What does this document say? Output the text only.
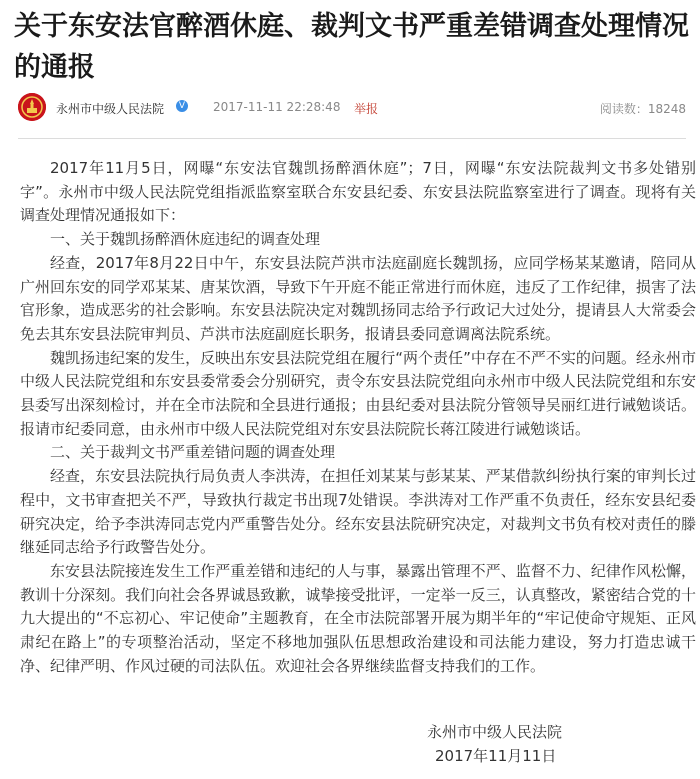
关于东安法官醉酒休庭、裁判文书严重差错调查处理情况的通报
永州市中级人民法院	V 2017-11-11 22:28:48 举报	阅读数：18248

2017年11月5日，网曝“东安法官魏凯扬醉酒休庭”；7日，网曝“东安法院裁判文书多处错别字”。永州市中级人民法院党组指派监察室联合东安县纪委、东安县法院监察室进行了调查。现将有关调查处理情况通报如下：

一、关于魏凯扬醉酒休庭违纪的调查处理

经查，2017年8月22日中午，东安县法院芦洪市法庭副庭长魏凯扬，应同学杨某某邀请，陪同从广州回东安的同学邓某某、唐某饮酒，导致下午开庭不能正常进行而休庭，违反了工作纪律，损害了法官形象，造成恶劣的社会影响。东安县法院决定对魏凯扬同志给予行政记大过处分，提请县人大常委会免去其东安县法院审判员、芦洪市法庭副庭长职务，报请县委同意调离法院系统。

魏凯扬违纪案的发生，反映出东安县法院党组在履行“两个责任”中存在不严不实的问题。经永州市中级人民法院党组和东安县委常委会分别研究，责令东安县法院党组向永州市中级人民法院党组和东安县委写出深刻检讨，并在全市法院和全县进行通报；由县纪委对县法院分管领导吴丽红进行诫勉谈话。报请市纪委同意，由永州市中级人民法院党组对东安县法院院长蒋江陵进行诫勉谈话。

二、关于裁判文书严重差错问题的调查处理

经查，东安县法院执行局负责人李洪涛，在担任刘某某与彭某某、严某借款纠纷执行案的审判长过程中，文书审查把关不严，导致执行裁定书出现7处错误。李洪涛对工作严重不负责任，经东安县纪委研究决定，给予李洪涛同志党内严重警告处分。经东安县法院研究决定，对裁判文书负有校对责任的滕继延同志给予行政警告处分。

东安县法院接连发生工作严重差错和违纪的人与事，暴露出管理不严、监督不力、纪律作风松懈，教训十分深刻。我们向社会各界诚恳致歉，诚挚接受批评，一定举一反三，认真整改，紧密结合党的十九大提出的“不忘初心、牢记使命”主题教育，在全市法院部署开展为期半年的“牢记使命守规矩、正风肃纪在路上”的专项整治活动，坚定不移地加强队伍思想政治建设和司法能力建设，努力打造忠诚干净、纪律严明、作风过硬的司法队伍。欢迎社会各界继续监督支持我们的工作。

永州市中级人民法院
2017年11月11日
